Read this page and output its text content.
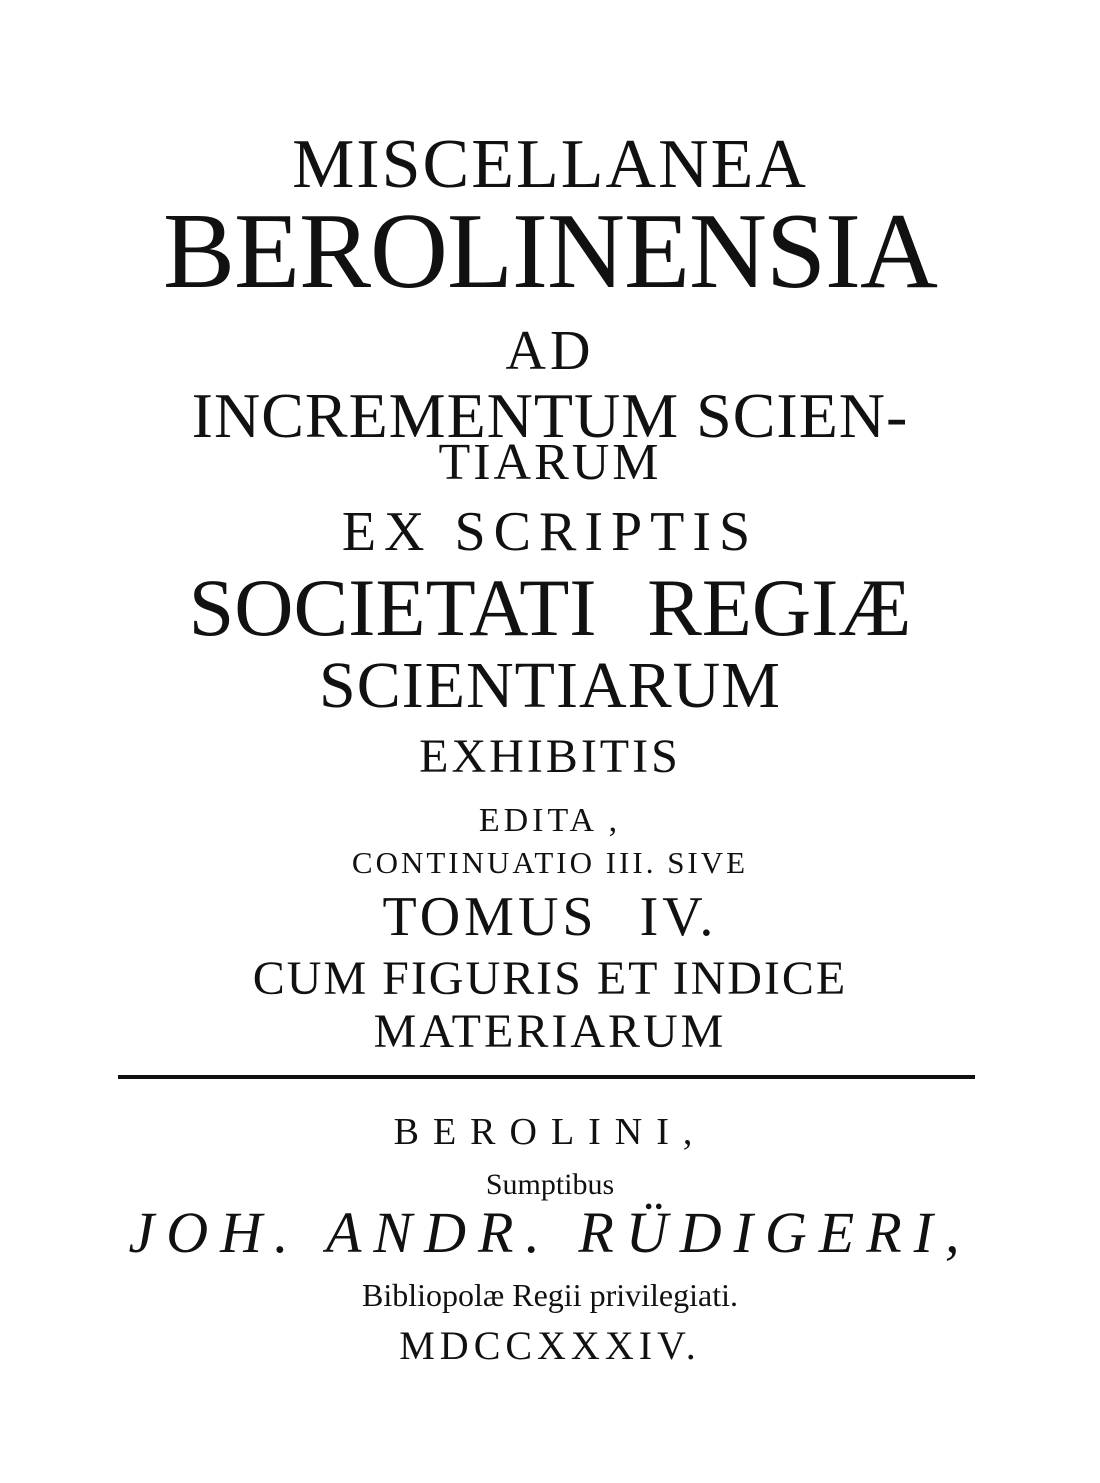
MISCELLANEA
BEROLINENSIA
AD
INCREMENTUM SCIEN-
TIARUM
EX SCRIPTIS
SOCIETATI REGIÆ
SCIENTIARUM
EXHIBITIS
EDITA ,
CONTINUATIO III. SIVE
TOMUS IV.
CUM FIGURIS ET INDICE
MATERIARUM
BEROLINI,
Sumptibus
JOH. ANDR. RÜDIGERI,
Bibliopolæ Regii privilegiati.
MDCCXXXIV.
